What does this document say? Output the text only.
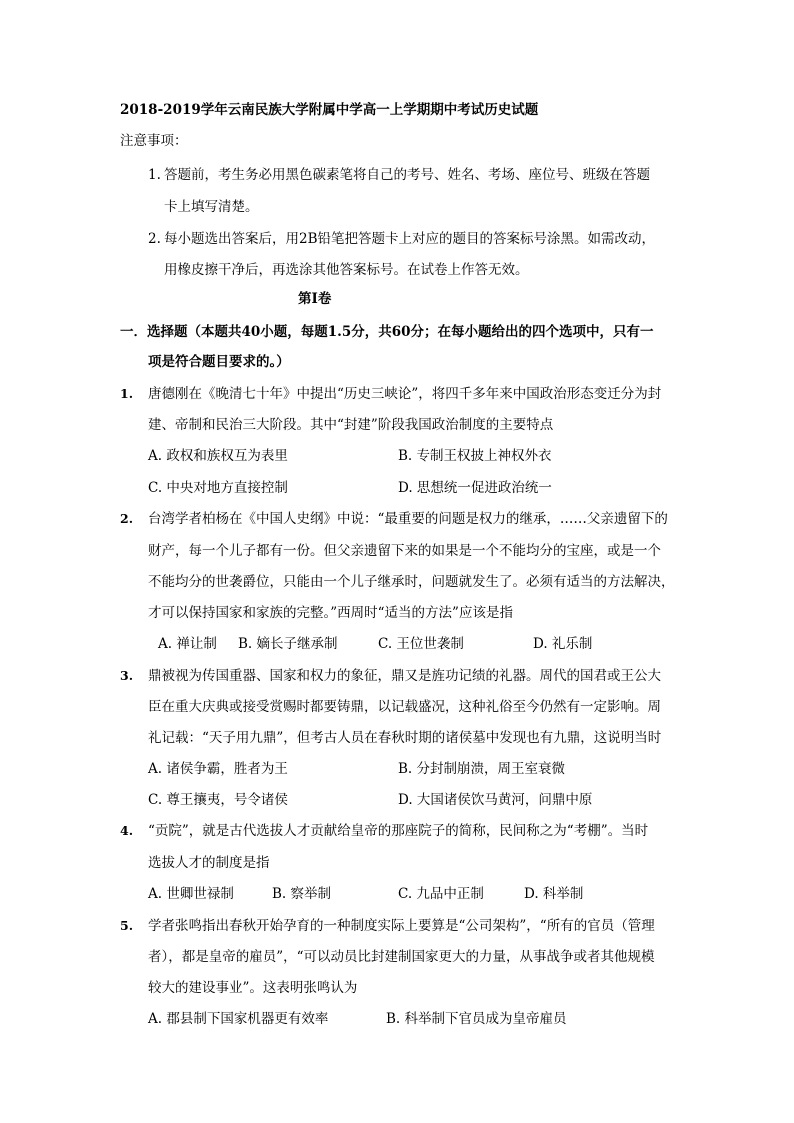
2018-2019学年云南民族大学附属中学高一上学期期中考试历史试题
注意事项：
1. 答题前，考生务必用黑色碳素笔将自己的考号、姓名、考场、座位号、班级在答题
卡上填写清楚。
2. 每小题选出答案后，用2B铅笔把答题卡上对应的题目的答案标号涂黑。如需改动，
用橡皮擦干净后，再选涂其他答案标号。在试卷上作答无效。
第Ⅰ卷
一．选择题（本题共40小题，每题1.5分，共60分；在每小题给出的四个选项中，只有一
项是符合题目要求的。）
1. 唐德刚在《晚清七十年》中提出“历史三峡论”，将四千多年来中国政治形态变迁分为封
建、帝制和民治三大阶段。其中“封建”阶段我国政治制度的主要特点
A. 政权和族权互为表里	B. 专制王权披上神权外衣
C. 中央对地方直接控制	D. 思想统一促进政治统一
2. 台湾学者柏杨在《中国人史纲》中说：“最重要的问题是权力的继承，……父亲遗留下的
财产，每一个儿子都有一份。但父亲遗留下来的如果是一个不能均分的宝座，或是一个
不能均分的世袭爵位，只能由一个儿子继承时，问题就发生了。必须有适当的方法解决，
才可以保持国家和家族的完整。”西周时“适当的方法”应该是指
A. 禅让制 B. 嫡长子继承制	C. 王位世袭制	D. 礼乐制
3. 鼎被视为传国重器、国家和权力的象征，鼎又是旌功记绩的礼器。周代的国君或王公大
臣在重大庆典或接受赏赐时都要铸鼎，以记载盛况，这种礼俗至今仍然有一定影响。周
礼记载：“天子用九鼎”，但考古人员在春秋时期的诸侯墓中发现也有九鼎，这说明当时
A. 诸侯争霸，胜者为王	B. 分封制崩溃，周王室衰微
C. 尊王攘夷，号令诸侯	D. 大国诸侯饮马黄河，问鼎中原
4. “贡院”，就是古代选拔人才贡献给皇帝的那座院子的简称，民间称之为“考棚”。当时
选拔人才的制度是指
A. 世卿世禄制	B. 察举制	C. 九品中正制	D. 科举制
5. 学者张鸣指出春秋开始孕育的一种制度实际上要算是“公司架构”，“所有的官员（管理
者），都是皇帝的雇员”，“可以动员比封建制国家更大的力量，从事战争或者其他规模
较大的建设事业”。这表明张鸣认为
A. 郡县制下国家机器更有效率	B. 科举制下官员成为皇帝雇员
